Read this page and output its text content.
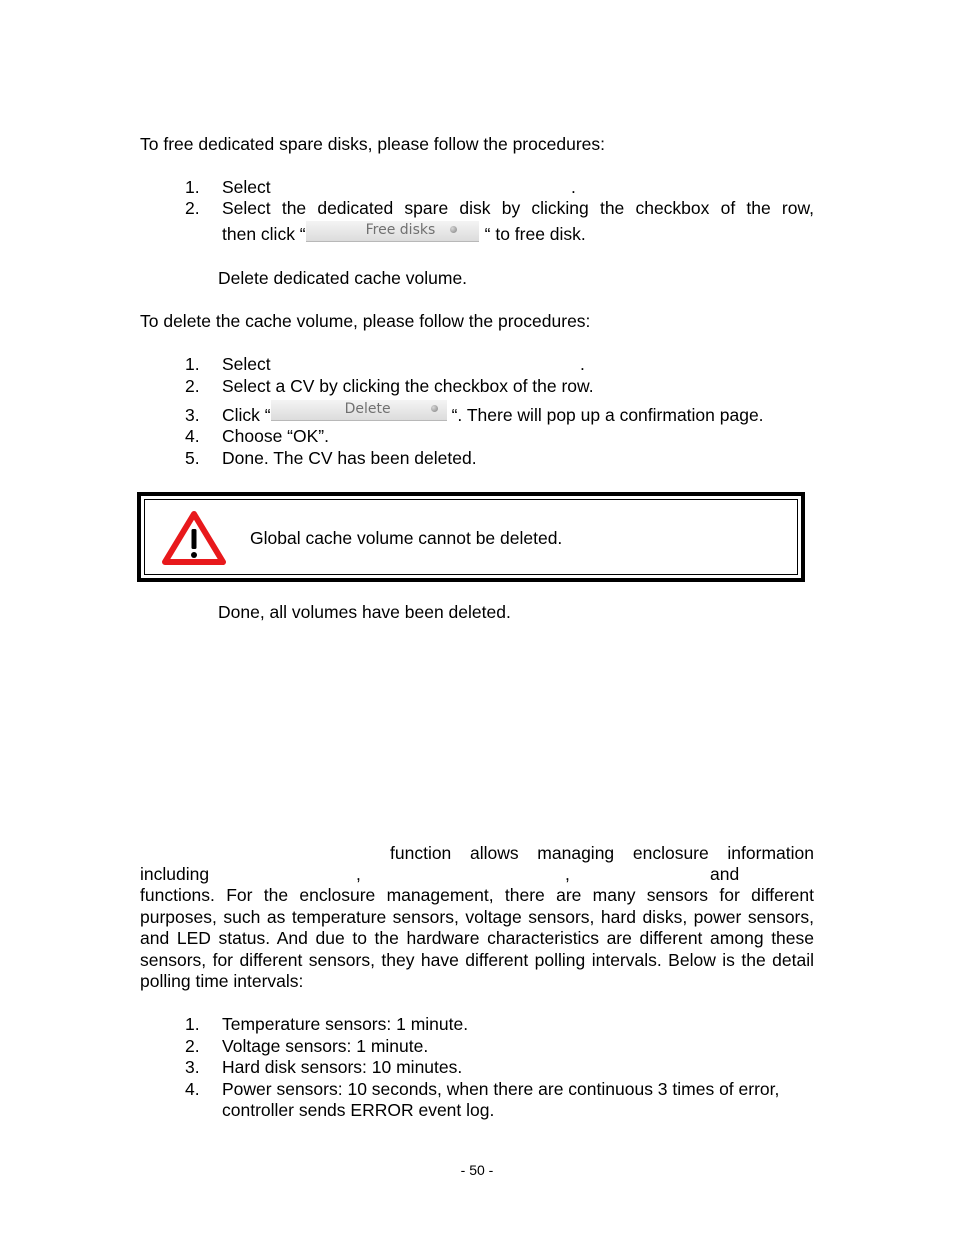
To free dedicated spare disks, please follow the procedures:
1.	Select	.
2.	Select the dedicated spare disk by clicking the checkbox of the row,
then click “	Free disks	“ to free disk.
Delete dedicated cache volume.
To delete the cache volume, please follow the procedures:
1.	Select	.
2.	Select a CV by clicking the checkbox of the row.
3.	Click “	Delete	“. There will pop up a confirmation page.
4.	Choose “OK”.
5.	Done. The CV has been deleted.
Global cache volume cannot be deleted.
Done, all volumes have been deleted.
function allows managing enclosure information
including	,	,	and
functions. For the enclosure management, there are many sensors for different purposes, such as temperature sensors, voltage sensors, hard disks, power sensors, and LED status. And due to the hardware characteristics are different among these sensors, for different sensors, they have different polling intervals. Below is the detail polling time intervals:
1.	Temperature sensors: 1 minute.
2.	Voltage sensors: 1 minute.
3.	Hard disk sensors: 10 minutes.
4.	Power sensors: 10 seconds, when there are continuous 3 times of error,
controller sends ERROR event log.
- 50 -
